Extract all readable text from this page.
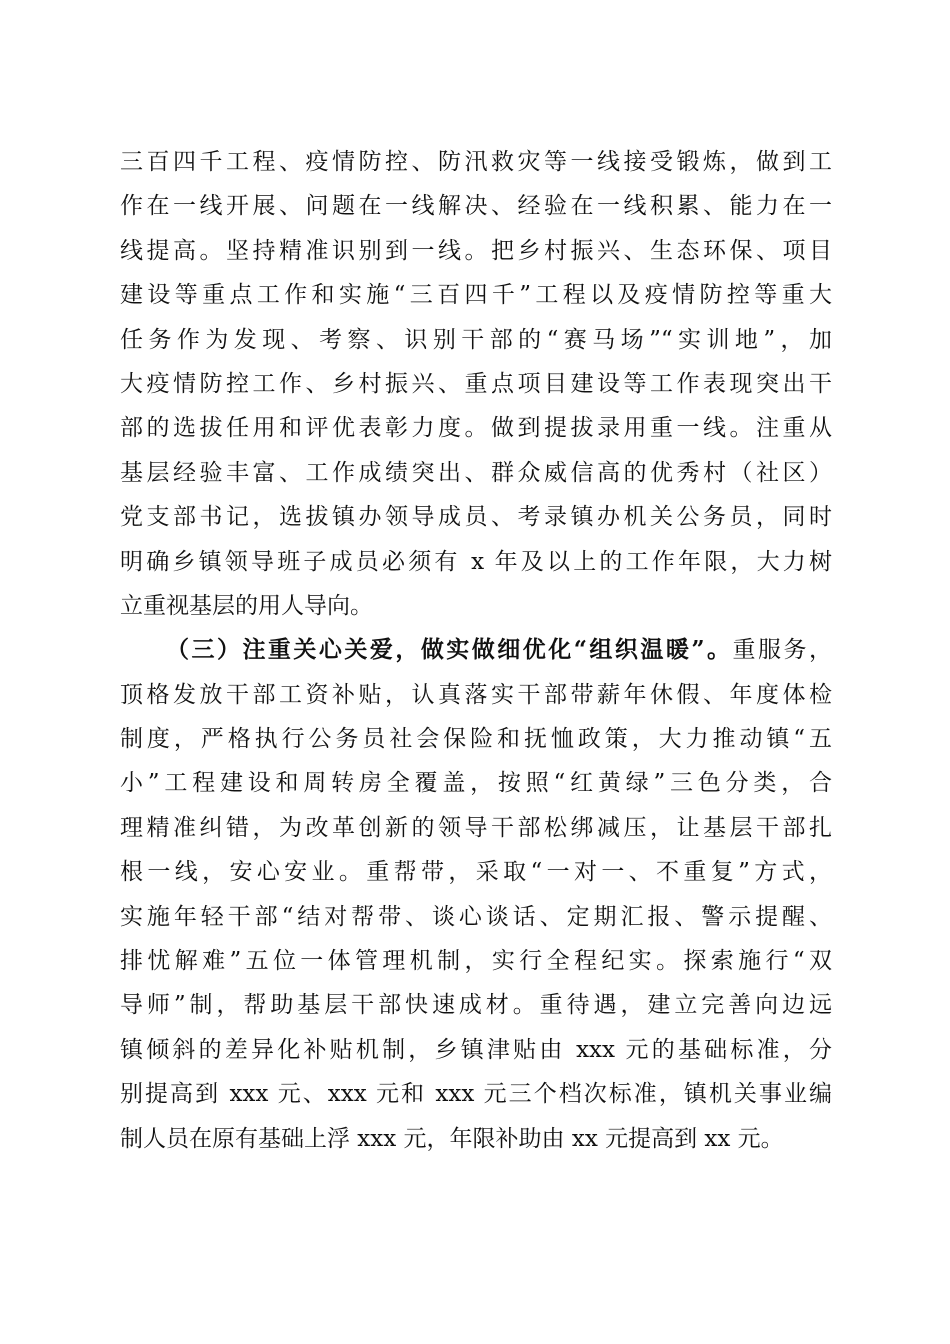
三百四千工程、疫情防控、防汛救灾等一线接受锻炼，做到工
作在一线开展、问题在一线解决、经验在一线积累、能力在一
线提高。坚持精准识别到一线。把乡村振兴、生态环保、项目
建设等重点工作和实施“三百四千”工程以及疫情防控等重大
任务作为发现、考察、识别干部的“赛马场”“实训地”，加
大疫情防控工作、乡村振兴、重点项目建设等工作表现突出干
部的选拔任用和评优表彰力度。做到提拔录用重一线。注重从
基层经验丰富、工作成绩突出、群众威信高的优秀村（社区）
党支部书记，选拔镇办领导成员、考录镇办机关公务员，同时
明确乡镇领导班子成员必须有 x 年及以上的工作年限，大力树
立重视基层的用人导向。
（三）注重关心关爱，做实做细优化“组织温暖”。重服务，
顶格发放干部工资补贴，认真落实干部带薪年休假、年度体检
制度，严格执行公务员社会保险和抚恤政策，大力推动镇“五
小”工程建设和周转房全覆盖，按照“红黄绿”三色分类，合
理精准纠错，为改革创新的领导干部松绑减压，让基层干部扎
根一线，安心安业。重帮带，采取“一对一、不重复”方式，
实施年轻干部“结对帮带、谈心谈话、定期汇报、警示提醒、
排忧解难”五位一体管理机制，实行全程纪实。探索施行“双
导师”制，帮助基层干部快速成材。重待遇，建立完善向边远
镇倾斜的差异化补贴机制，乡镇津贴由 xxx 元的基础标准，分
别提高到 xxx 元、xxx 元和 xxx 元三个档次标准，镇机关事业编
制人员在原有基础上浮 xxx 元，年限补助由 xx 元提高到 xx 元。
